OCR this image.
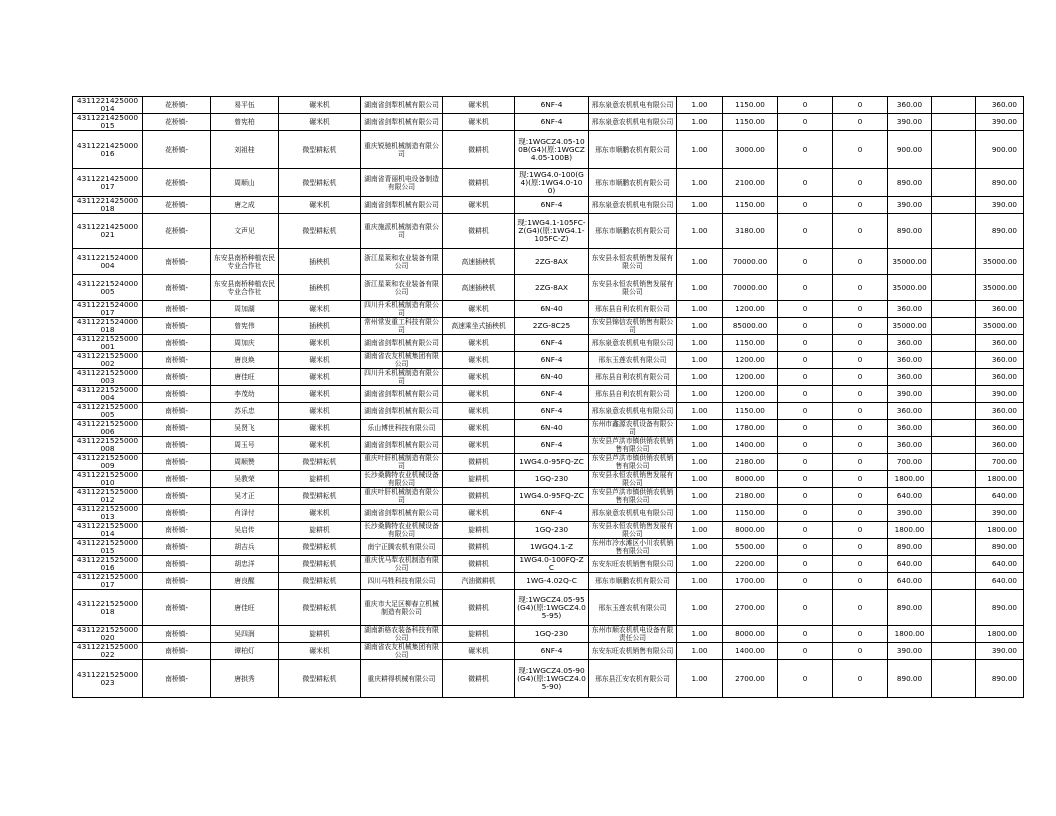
4311221425000014	花桥镇-	易平伍	碾米机	湖南省剑犁机械有限公司	碾米机	6NF-4	邢东泉意农机机电有限公司	1.00	1150.00	0	0	360.00		360.00
4311221425000015	花桥镇-	曾宪柏	碾米机	湖南省剑犁机械有限公司	碾米机	6NF-4	邢东泉意农机机电有限公司	1.00	1150.00	0	0	390.00		390.00
4311221425000016	花桥镇-	刘祖桂	微型耕耘机	重庆锐驰机械制造有限公司	微耕机	现:1WGCZ4.05-100B(G4)(原:1WGCZ4.05-100B)	邢东市顺鹏农机有限公司	1.00	3000.00	0	0	900.00		900.00
4311221425000017	花桥镇-	周顺山	微型耕耘机	湖南省青丽机电设备制造有限公司	微耕机	现:1WG4.0-100(G4)(原:1WG4.0-100)	邢东市顺鹏农机有限公司	1.00	2100.00	0	0	890.00		890.00
4311221425000018	花桥镇-	唐之成	碾米机	湖南省剑犁机械有限公司	碾米机	6NF-4	邢东泉意农机机电有限公司	1.00	1150.00	0	0	390.00		390.00
4311221425000021	花桥镇-	文声见	微型耕耘机	重庆施派机械制造有限公司	微耕机	现:1WG4.1-105FC-Z(G4)(原:1WG4.1-105FC-Z)	邢东市顺鹏农机有限公司	1.00	3180.00	0	0	890.00		890.00
4311221524000004	南桥镇-	东安县南桥种植农民专业合作社	插秧机	浙江星莱和农业装备有限公司	高速插秧机	2ZG-8AX	东安县永恒农机销售发展有限公司	1.00	70000.00	0	0	35000.00		35000.00
4311221524000005	南桥镇-	东安县南桥种植农民专业合作社	插秧机	浙江星莱和农业装备有限公司	高速插秧机	2ZG-8AX	东安县永恒农机销售发展有限公司	1.00	70000.00	0	0	35000.00		35000.00
4311221524000017	南桥镇-	周加湖	碾米机	四川升禾机械制造有限公司	碾米机	6N-40	邢东县自利农机有限公司	1.00	1200.00	0	0	360.00		360.00
4311221524000018	南桥镇-	曾宪伟	插秧机	常州常发重工科技有限公司	高速乘坐式插秧机	2ZG-8C25	东安县锦信农机销售有限公司	1.00	85000.00	0	0	35000.00		35000.00
4311221525000001	南桥镇-	周加庆	碾米机	湖南省剑犁机械有限公司	碾米机	6NF-4	邢东泉意农机机电有限公司	1.00	1150.00	0	0	360.00		360.00
4311221525000002	南桥镇-	唐良焕	碾米机	湖南省农友机械集团有限公司	碾米机	6NF-4	邢东玉莲农机有限公司	1.00	1200.00	0	0	360.00		360.00
4311221525000003	南桥镇-	唐佳旺	碾米机	四川升禾机械制造有限公司	碾米机	6N-40	邢东县自利农机有限公司	1.00	1200.00	0	0	360.00		360.00
4311221525000004	南桥镇-	李茂幼	碾米机	湖南省剑犁机械有限公司	碾米机	6NF-4	邢东县自利农机有限公司	1.00	1200.00	0	0	390.00		390.00
4311221525000005	南桥镇-	苏乐忠	碾米机	湖南省剑犁机械有限公司	碾米机	6NF-4	邢东泉意农机机电有限公司	1.00	1150.00	0	0	360.00		360.00
4311221525000006	南桥镇-	吴贤飞	碾米机	乐山博世科技有限公司	碾米机	6N-40	东州市鑫源农机设备有限公司	1.00	1780.00	0	0	360.00		360.00
4311221525000008	南桥镇-	周玉号	碾米机	湖南省剑犁机械有限公司	碾米机	6NF-4	东安县芦洪市镇供销农机销售有限公司	1.00	1400.00	0	0	360.00		360.00
4311221525000009	南桥镇-	周顺赞	微型耕耘机	重庆叶肝机械制造有限公司	微耕机	1WG4.0-95FQ-ZC	东安县芦洪市镇供销农机销售有限公司	1.00	2180.00	0	0	700.00		700.00
4311221525000010	南桥镇-	吴教荣	旋耕机	长沙桑腾特农业机械设备有限公司	旋耕机	1GQ-230	东安县永恒农机销售发展有限公司	1.00	8000.00	0	0	1800.00		1800.00
4311221525000012	南桥镇-	吴才正	微型耕耘机	重庆叶肝机械制造有限公司	微耕机	1WG4.0-95FQ-ZC	东安县芦洪市镇供销农机销售有限公司	1.00	2180.00	0	0	640.00		640.00
4311221525000013	南桥镇-	肖泽付	碾米机	湖南省剑犁机械有限公司	碾米机	6NF-4	邢东泉意农机机电有限公司	1.00	1150.00	0	0	390.00		390.00
4311221525000014	南桥镇-	吴启传	旋耕机	长沙桑腾特农业机械设备有限公司	旋耕机	1GQ-230	东安县永恒农机销售发展有限公司	1.00	8000.00	0	0	1800.00		1800.00
4311221525000015	南桥镇-	胡吉兵	微型耕耘机	南宁正腾农机有限公司	微耕机	1WGQ4.1-Z	东州市冷水滩区小川农机销售有限公司	1.00	5500.00	0	0	890.00		890.00
4311221525000016	南桥镇-	胡忠洋	微型耕耘机	重庆优马犁农机制造有限公司	微耕机	1WG4.0-100FQ-ZC	东安东旺农机销售有限公司	1.00	2200.00	0	0	640.00		640.00
4311221525000017	南桥镇-	唐良醒	微型耕耘机	四川马牲科技有限公司	汽油微耕机	1WG-4.02Q-C	邢东市顺鹏农机有限公司	1.00	1700.00	0	0	640.00		640.00
4311221525000018	南桥镇-	唐佳旺	微型耕耘机	重庆市大足区柳春立机械制造有限公司	微耕机	现:1WGCZ4.05-95(G4)(原:1WGCZ4.05-95)	邢东玉莲农机有限公司	1.00	2700.00	0	0	890.00		890.00
4311221525000020	南桥镇-	吴四润	旋耕机	湖南新格农装备科技有限公司	旋耕机	1GQ-230	东州市顺农机机电设备有限责任公司	1.00	8000.00	0	0	1800.00		1800.00
4311221525000022	南桥镇-	谭柏灯	碾米机	湖南省农友机械集团有限公司	碾米机	6NF-4	东安东旺农机销售有限公司	1.00	1400.00	0	0	390.00		390.00
4311221525000023	南桥镇-	唐拱秀	微型耕耘机	重庆耕得机械有限公司	微耕机	现:1WGCZ4.05-90(G4)(原:1WGCZ4.05-90)	邢东县江安农机有限公司	1.00	2700.00	0	0	890.00		890.00
